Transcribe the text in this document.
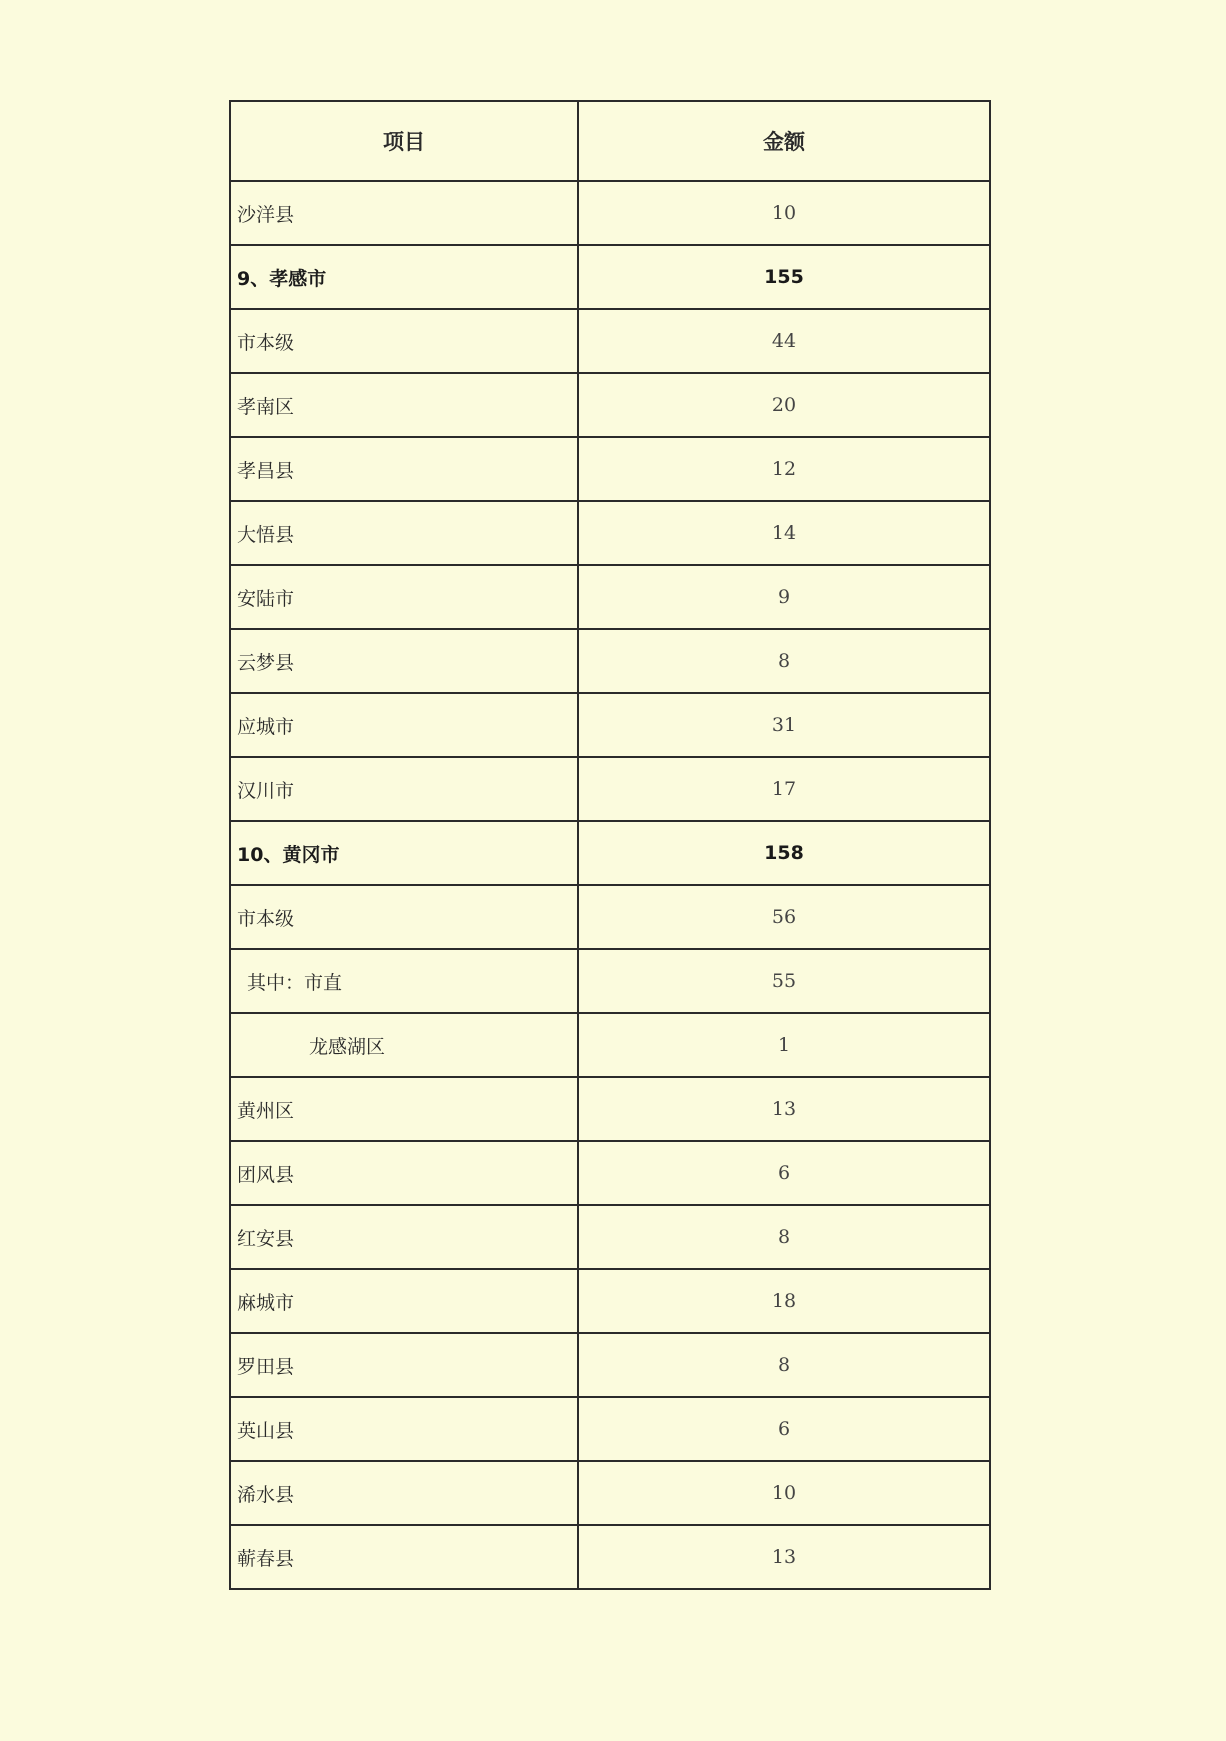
项目	金额
沙洋县	10
9、孝感市	155
市本级	44
孝南区	20
孝昌县	12
大悟县	14
安陆市	9
云梦县	8
应城市	31
汉川市	17
10、黄冈市	158
市本级	56
其中：市直	55
龙感湖区	1
黄州区	13
团风县	6
红安县	8
麻城市	18
罗田县	8
英山县	6
浠水县	10
蕲春县	13
